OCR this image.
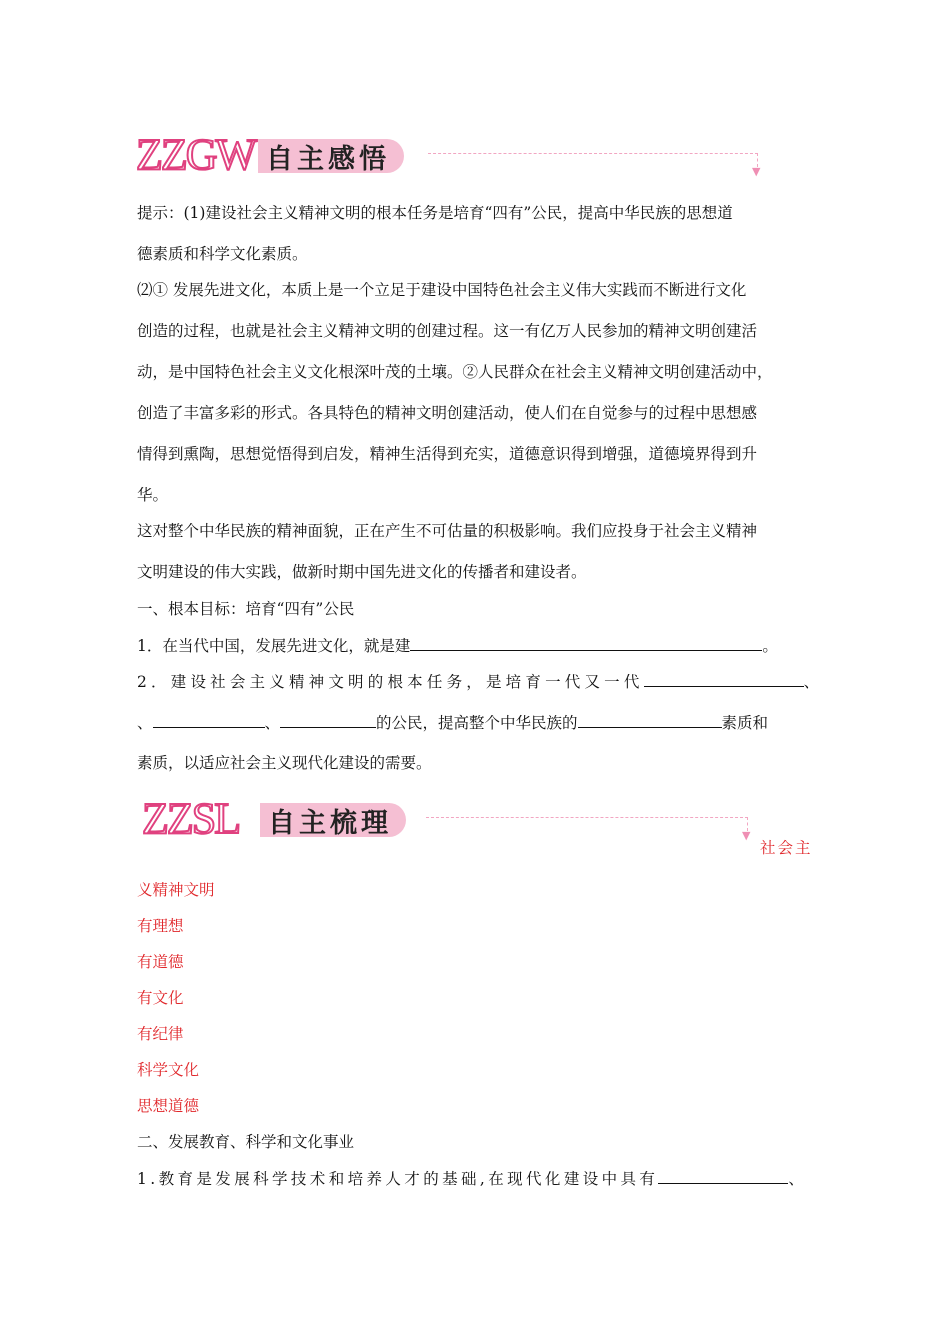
ZZGW 自主感悟	▼
提示：(1)建设社会主义精神文明的根本任务是培育“四有”公民，提高中华民族的思想道
德素质和科学文化素质。
⑵① 发展先进文化，本质上是一个立足于建设中国特色社会主义伟大实践而不断进行文化
创造的过程，也就是社会主义精神文明的创建过程。这一有亿万人民参加的精神文明创建活
动，是中国特色社会主义文化根深叶茂的土壤。②人民群众在社会主义精神文明创建活动中，
创造了丰富多彩的形式。各具特色的精神文明创建活动，使人们在自觉参与的过程中思想感
情得到熏陶，思想觉悟得到启发，精神生活得到充实，道德意识得到增强，道德境界得到升
华。
这对整个中华民族的精神面貌，正在产生不可估量的积极影响。我们应投身于社会主义精神
文明建设的伟大实践，做新时期中国先进文化的传播者和建设者。
一、根本目标：培育“四有”公民
1．在当代中国，发展先进文化，就是建	。
2．建设社会主义精神文明的根本任务，是培育一代又一代	、
、	、	的公民，提高整个中华民族的	素质和
素质，以适应社会主义现代化建设的需要。
ZZSL 自主梳理	▼
社会主
义精神文明
有理想
有道德
有文化
有纪律
科学文化
思想道德
二、发展教育、科学和文化事业
1.教育是发展科学技术和培养人才的基础,在现代化建设中具有	、
